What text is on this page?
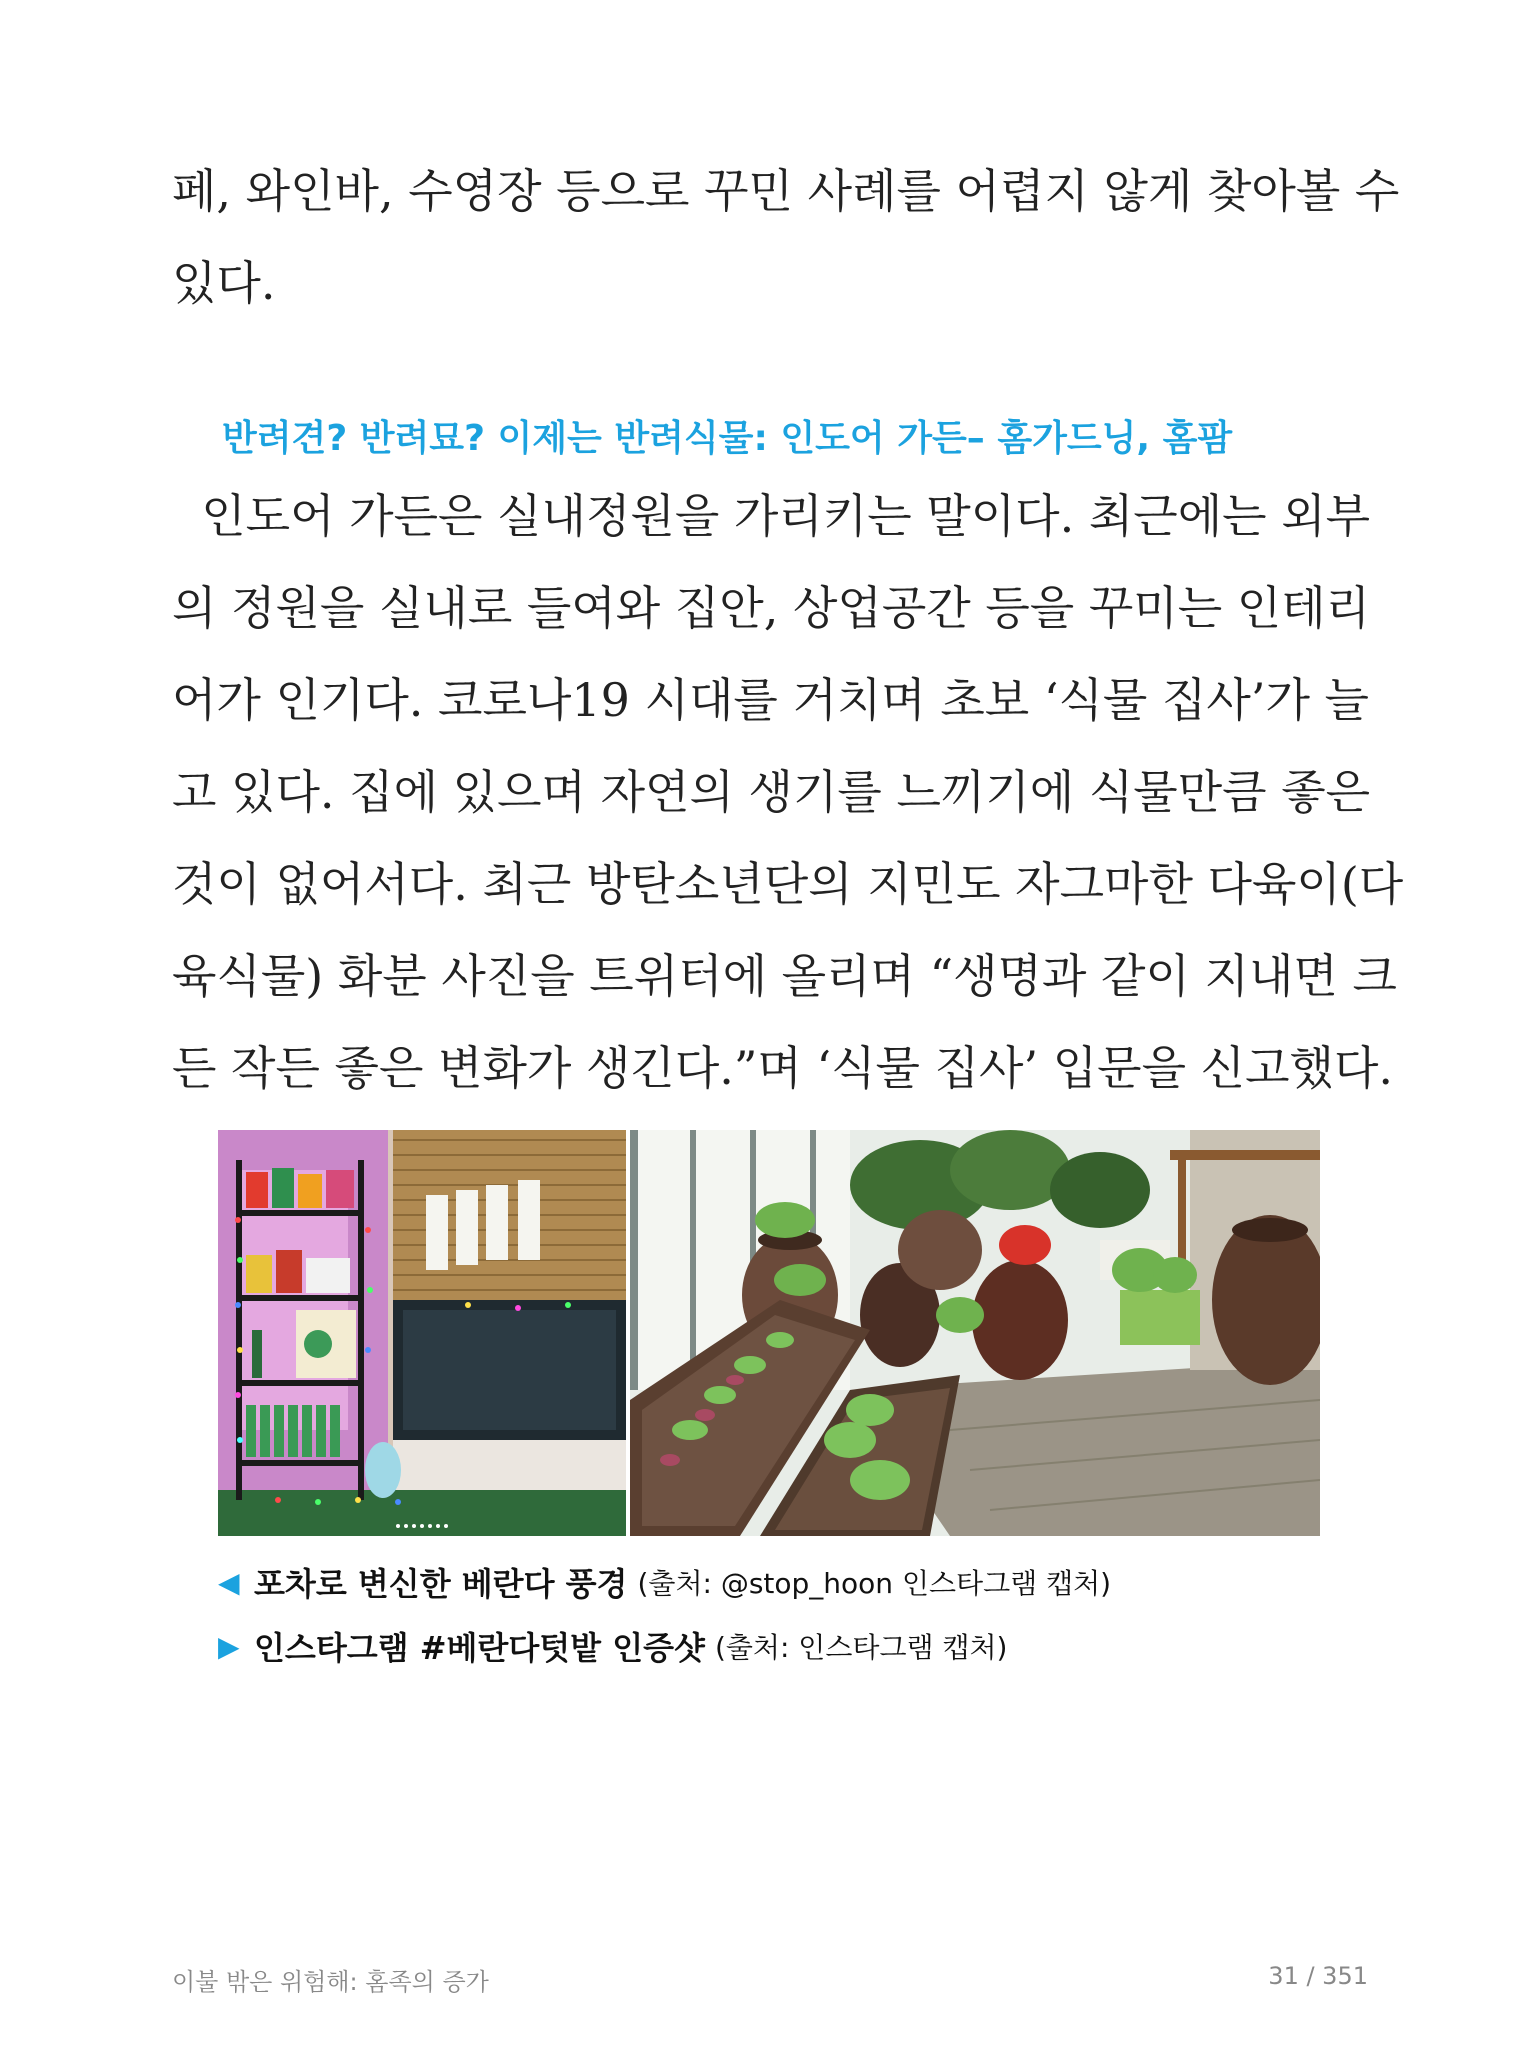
페, 와인바, 수영장 등으로 꾸민 사례를 어렵지 않게 찾아볼 수
있다.
반려견? 반려묘? 이제는 반려식물: 인도어 가든– 홈가드닝, 홈팜
인도어 가든은 실내정원을 가리키는 말이다. 최근에는 외부
의 정원을 실내로 들여와 집안, 상업공간 등을 꾸미는 인테리
어가 인기다. 코로나19 시대를 거치며 초보 ‘식물 집사’가 늘
고 있다. 집에 있으며 자연의 생기를 느끼기에 식물만큼 좋은
것이 없어서다. 최근 방탄소년단의 지민도 자그마한 다육이(다
육식물) 화분 사진을 트위터에 올리며 “생명과 같이 지내면 크
든 작든 좋은 변화가 생긴다.”며 ‘식물 집사’ 입문을 신고했다.
◀ 포차로 변신한 베란다 풍경 (출처: @stop_hoon 인스타그램 캡처)
▶ 인스타그램 #베란다텃밭 인증샷 (출처: 인스타그램 캡처)
이불 밖은 위험해: 홈족의 증가	31 / 351
